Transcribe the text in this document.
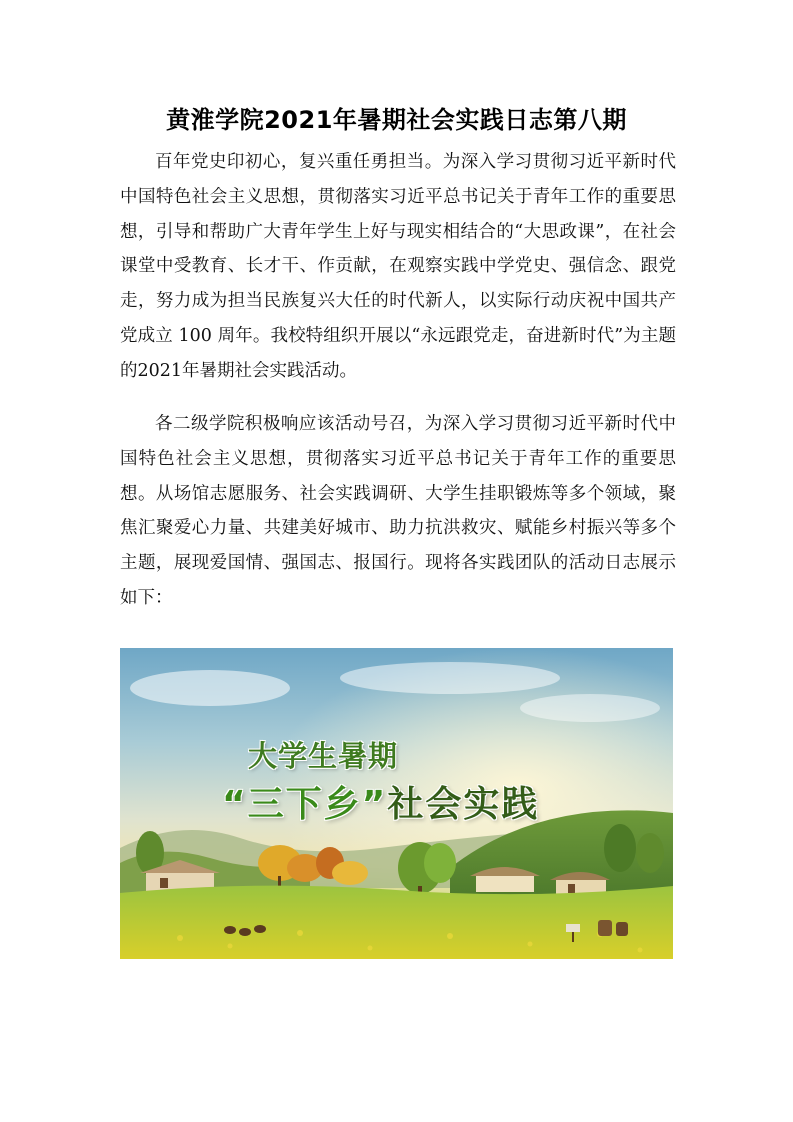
黄淮学院2021年暑期社会实践日志第八期

百年党史印初心，复兴重任勇担当。为深入学习贯彻习近平新时代中国特色社会主义思想，贯彻落实习近平总书记关于青年工作的重要思想，引导和帮助广大青年学生上好与现实相结合的“大思政课”，在社会课堂中受教育、长才干、作贡献，在观察实践中学党史、强信念、跟党走，努力成为担当民族复兴大任的时代新人，以实际行动庆祝中国共产党成立 100 周年。我校特组织开展以“永远跟党走，奋进新时代”为主题的2021年暑期社会实践活动。

各二级学院积极响应该活动号召，为深入学习贯彻习近平新时代中国特色社会主义思想，贯彻落实习近平总书记关于青年工作的重要思想。从场馆志愿服务、社会实践调研、大学生挂职锻炼等多个领域，聚焦汇聚爱心力量、共建美好城市、助力抗洪救灾、赋能乡村振兴等多个主题，展现爱国情、强国志、报国行。现将各实践团队的活动日志展示如下：

大学生暑期
“三下乡”社会实践
